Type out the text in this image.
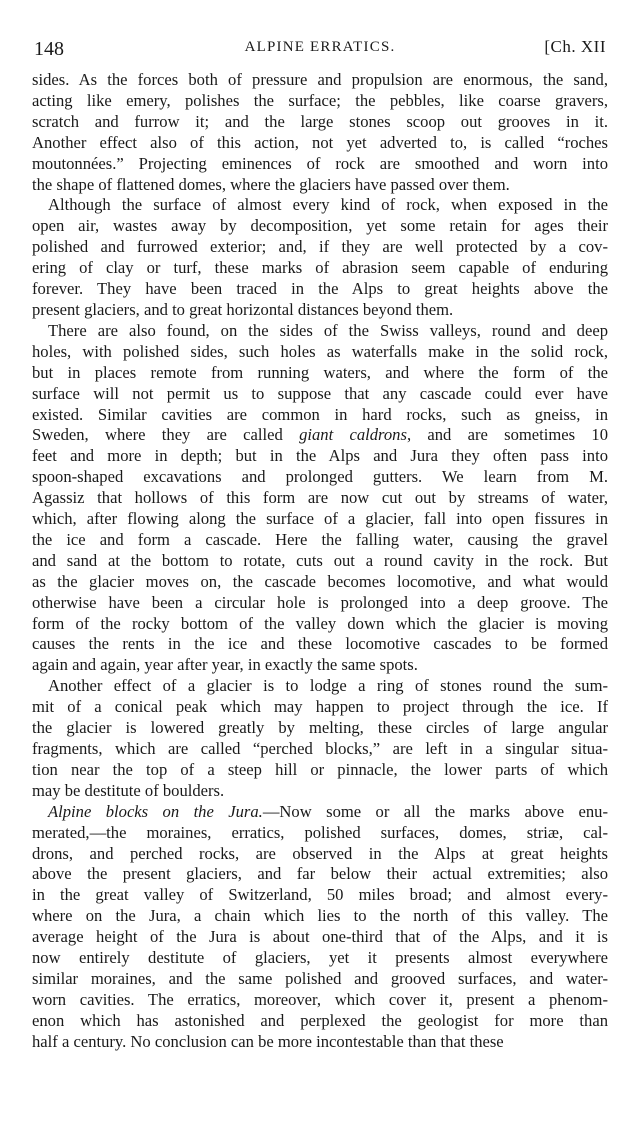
148	ALPINE ERRATICS.	[Ch. XII

sides. As the forces both of pressure and propulsion are enormous, the sand,
acting like emery, polishes the surface; the pebbles, like coarse gravers,
scratch and furrow it; and the large stones scoop out grooves in it.
Another effect also of this action, not yet adverted to, is called “roches
moutonnées.” Projecting eminences of rock are smoothed and worn into
the shape of flattened domes, where the glaciers have passed over them.

Although the surface of almost every kind of rock, when exposed in the
open air, wastes away by decomposition, yet some retain for ages their
polished and furrowed exterior; and, if they are well protected by a cov-
ering of clay or turf, these marks of abrasion seem capable of enduring
forever. They have been traced in the Alps to great heights above the
present glaciers, and to great horizontal distances beyond them.

There are also found, on the sides of the Swiss valleys, round and deep
holes, with polished sides, such holes as waterfalls make in the solid rock,
but in places remote from running waters, and where the form of the
surface will not permit us to suppose that any cascade could ever have
existed. Similar cavities are common in hard rocks, such as gneiss, in
Sweden, where they are called giant caldrons, and are sometimes 10
feet and more in depth; but in the Alps and Jura they often pass into
spoon-shaped excavations and prolonged gutters. We learn from M.
Agassiz that hollows of this form are now cut out by streams of water,
which, after flowing along the surface of a glacier, fall into open fissures in
the ice and form a cascade. Here the falling water, causing the gravel
and sand at the bottom to rotate, cuts out a round cavity in the rock. But
as the glacier moves on, the cascade becomes locomotive, and what would
otherwise have been a circular hole is prolonged into a deep groove. The
form of the rocky bottom of the valley down which the glacier is moving
causes the rents in the ice and these locomotive cascades to be formed
again and again, year after year, in exactly the same spots.

Another effect of a glacier is to lodge a ring of stones round the sum-
mit of a conical peak which may happen to project through the ice. If
the glacier is lowered greatly by melting, these circles of large angular
fragments, which are called “perched blocks,” are left in a singular situa-
tion near the top of a steep hill or pinnacle, the lower parts of which
may be destitute of boulders.

Alpine blocks on the Jura.—Now some or all the marks above enu-
merated,—the moraines, erratics, polished surfaces, domes, striæ, cal-
drons, and perched rocks, are observed in the Alps at great heights
above the present glaciers, and far below their actual extremities; also
in the great valley of Switzerland, 50 miles broad; and almost every-
where on the Jura, a chain which lies to the north of this valley. The
average height of the Jura is about one-third that of the Alps, and it is
now entirely destitute of glaciers, yet it presents almost everywhere
similar moraines, and the same polished and grooved surfaces, and water-
worn cavities. The erratics, moreover, which cover it, present a phenom-
enon which has astonished and perplexed the geologist for more than
half a century. No conclusion can be more incontestable than that these
